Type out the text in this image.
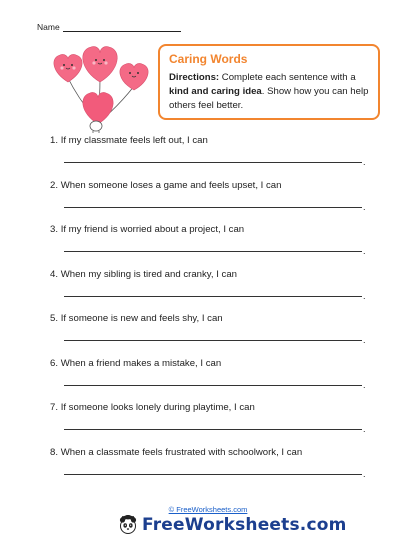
Name
Caring Words
Directions: Complete each sentence with a kind and caring idea. Show how you can help others feel better.
1. If my classmate feels left out, I can
.
2. When someone loses a game and feels upset, I can
.
3. If my friend is worried about a project, I can
.
4. When my sibling is tired and cranky, I can
.
5. If someone is new and feels shy, I can
.
6. When a friend makes a mistake, I can
.
7. If someone looks lonely during playtime, I can
.
8. When a classmate feels frustrated with schoolwork, I can
.
© FreeWorksheets.com
FreeWorksheets.com
